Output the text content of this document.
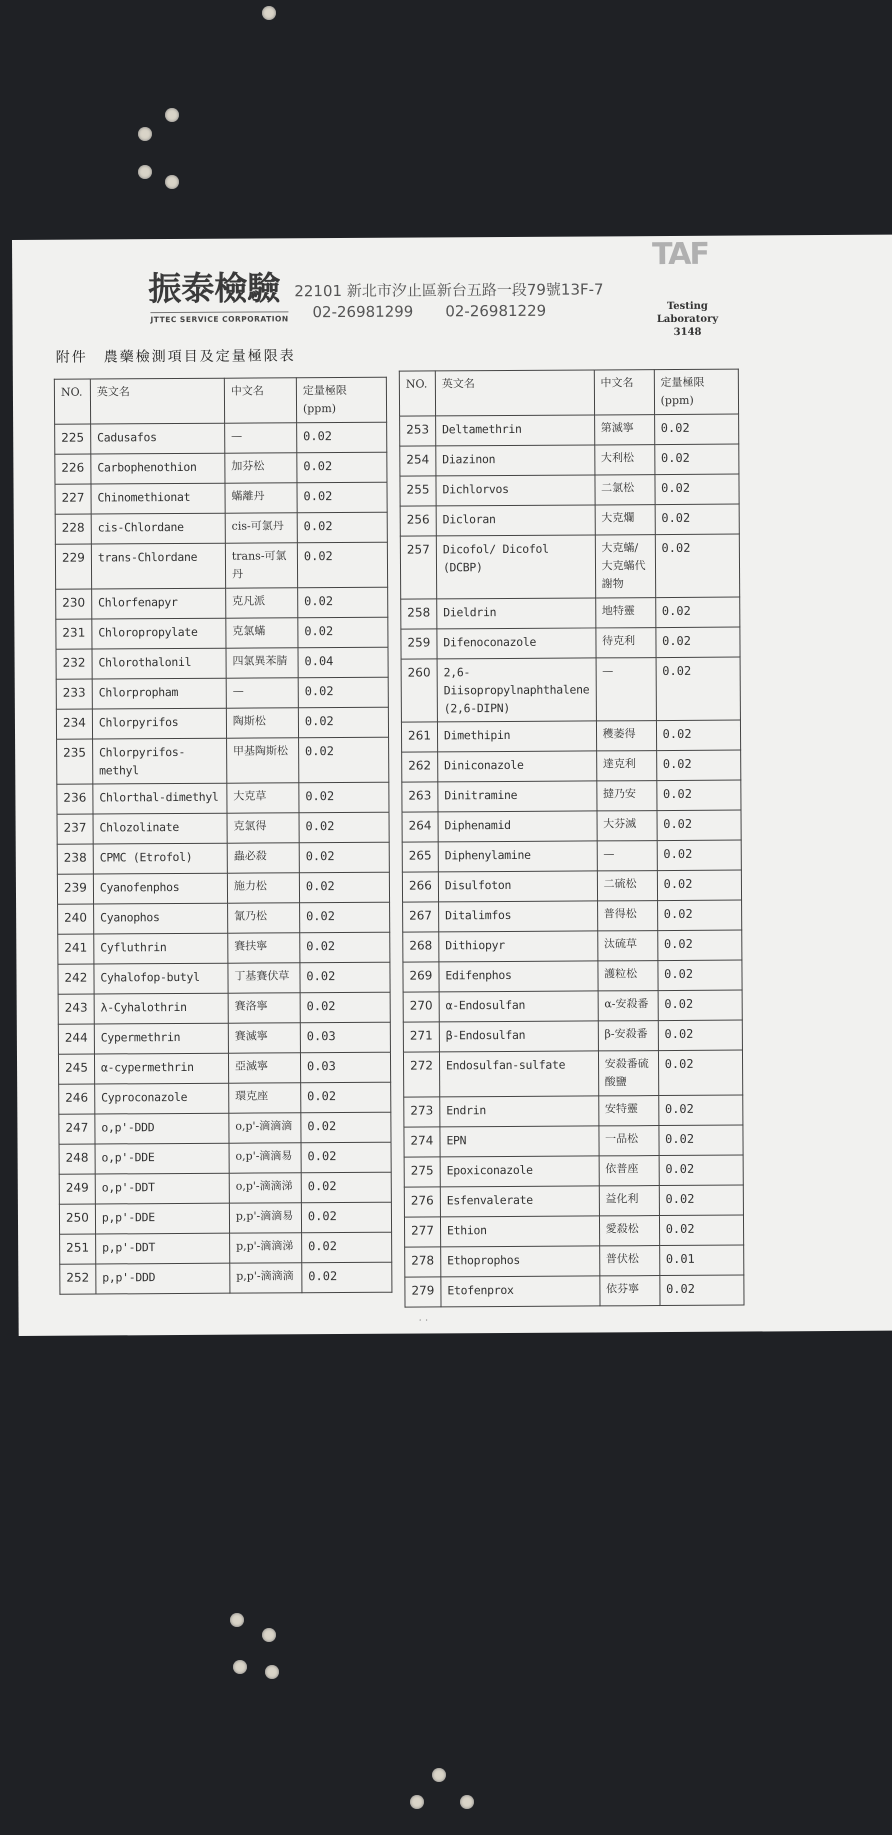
振泰檢驗
JTTEC SERVICE CORPORATION
22101 新北市汐止區新台五路一段79號13F-7
02-26981299 02-26981229
TAF
Testing Laboratory
3148
附件 農藥檢測項目及定量極限表
NO.	英文名	中文名	定量極限
(ppm)

225	Cadusafos	—	0.02
226	Carbophenothion	加芬松	0.02
227	Chinomethionat	蟎離丹	0.02
228	cis-Chlordane	cis-可氯丹	0.02
229	trans-Chlordane	trans-可氯丹	0.02
230	Chlorfenapyr	克凡派	0.02
231	Chloropropylate	克氯蟎	0.02
232	Chlorothalonil	四氯異苯腈	0.04
233	Chlorpropham	—	0.02
234	Chlorpyrifos	陶斯松	0.02
235	Chlorpyrifos-methyl	甲基陶斯松	0.02
236	Chlorthal-dimethyl	大克草	0.02
237	Chlozolinate	克氯得	0.02
238	CPMC (Etrofol)	蟲必殺	0.02
239	Cyanofenphos	施力松	0.02
240	Cyanophos	氰乃松	0.02
241	Cyfluthrin	賽扶寧	0.02
242	Cyhalofop-butyl	丁基賽伏草	0.02
243	λ-Cyhalothrin	賽洛寧	0.02
244	Cypermethrin	賽滅寧	0.03
245	α-cypermethrin	亞滅寧	0.03
246	Cyproconazole	環克座	0.02
247	o,p'-DDD	o,p'-滴滴滴	0.02
248	o,p'-DDE	o,p'-滴滴易	0.02
249	o,p'-DDT	o,p'-滴滴涕	0.02
250	p,p'-DDE	p,p'-滴滴易	0.02
251	p,p'-DDT	p,p'-滴滴涕	0.02
252	p,p'-DDD	p,p'-滴滴滴	0.02
NO.	英文名	中文名	定量極限
(ppm)

253	Deltamethrin	第滅寧	0.02
254	Diazinon	大利松	0.02
255	Dichlorvos	二氯松	0.02
256	Dicloran	大克爛	0.02
257	Dicofol/ Dicofol (DCBP)	大克蟎/大克蟎代謝物	0.02
258	Dieldrin	地特靈	0.02
259	Difenoconazole	待克利	0.02
260	2,6-Diisopropylnaphthalene (2,6-DIPN)	—	0.02
261	Dimethipin	穫萎得	0.02
262	Diniconazole	達克利	0.02
263	Dinitramine	撻乃安	0.02
264	Diphenamid	大芬滅	0.02
265	Diphenylamine	—	0.02
266	Disulfoton	二硫松	0.02
267	Ditalimfos	普得松	0.02
268	Dithiopyr	汰硫草	0.02
269	Edifenphos	護粒松	0.02
270	α-Endosulfan	α-安殺番	0.02
271	β-Endosulfan	β-安殺番	0.02
272	Endosulfan-sulfate	安殺番硫酸鹽	0.02
273	Endrin	安特靈	0.02
274	EPN	一品松	0.02
275	Epoxiconazole	依普座	0.02
276	Esfenvalerate	益化利	0.02
277	Ethion	愛殺松	0.02
278	Ethoprophos	普伏松	0.01
279	Etofenprox	依芬寧	0.02
· ·
